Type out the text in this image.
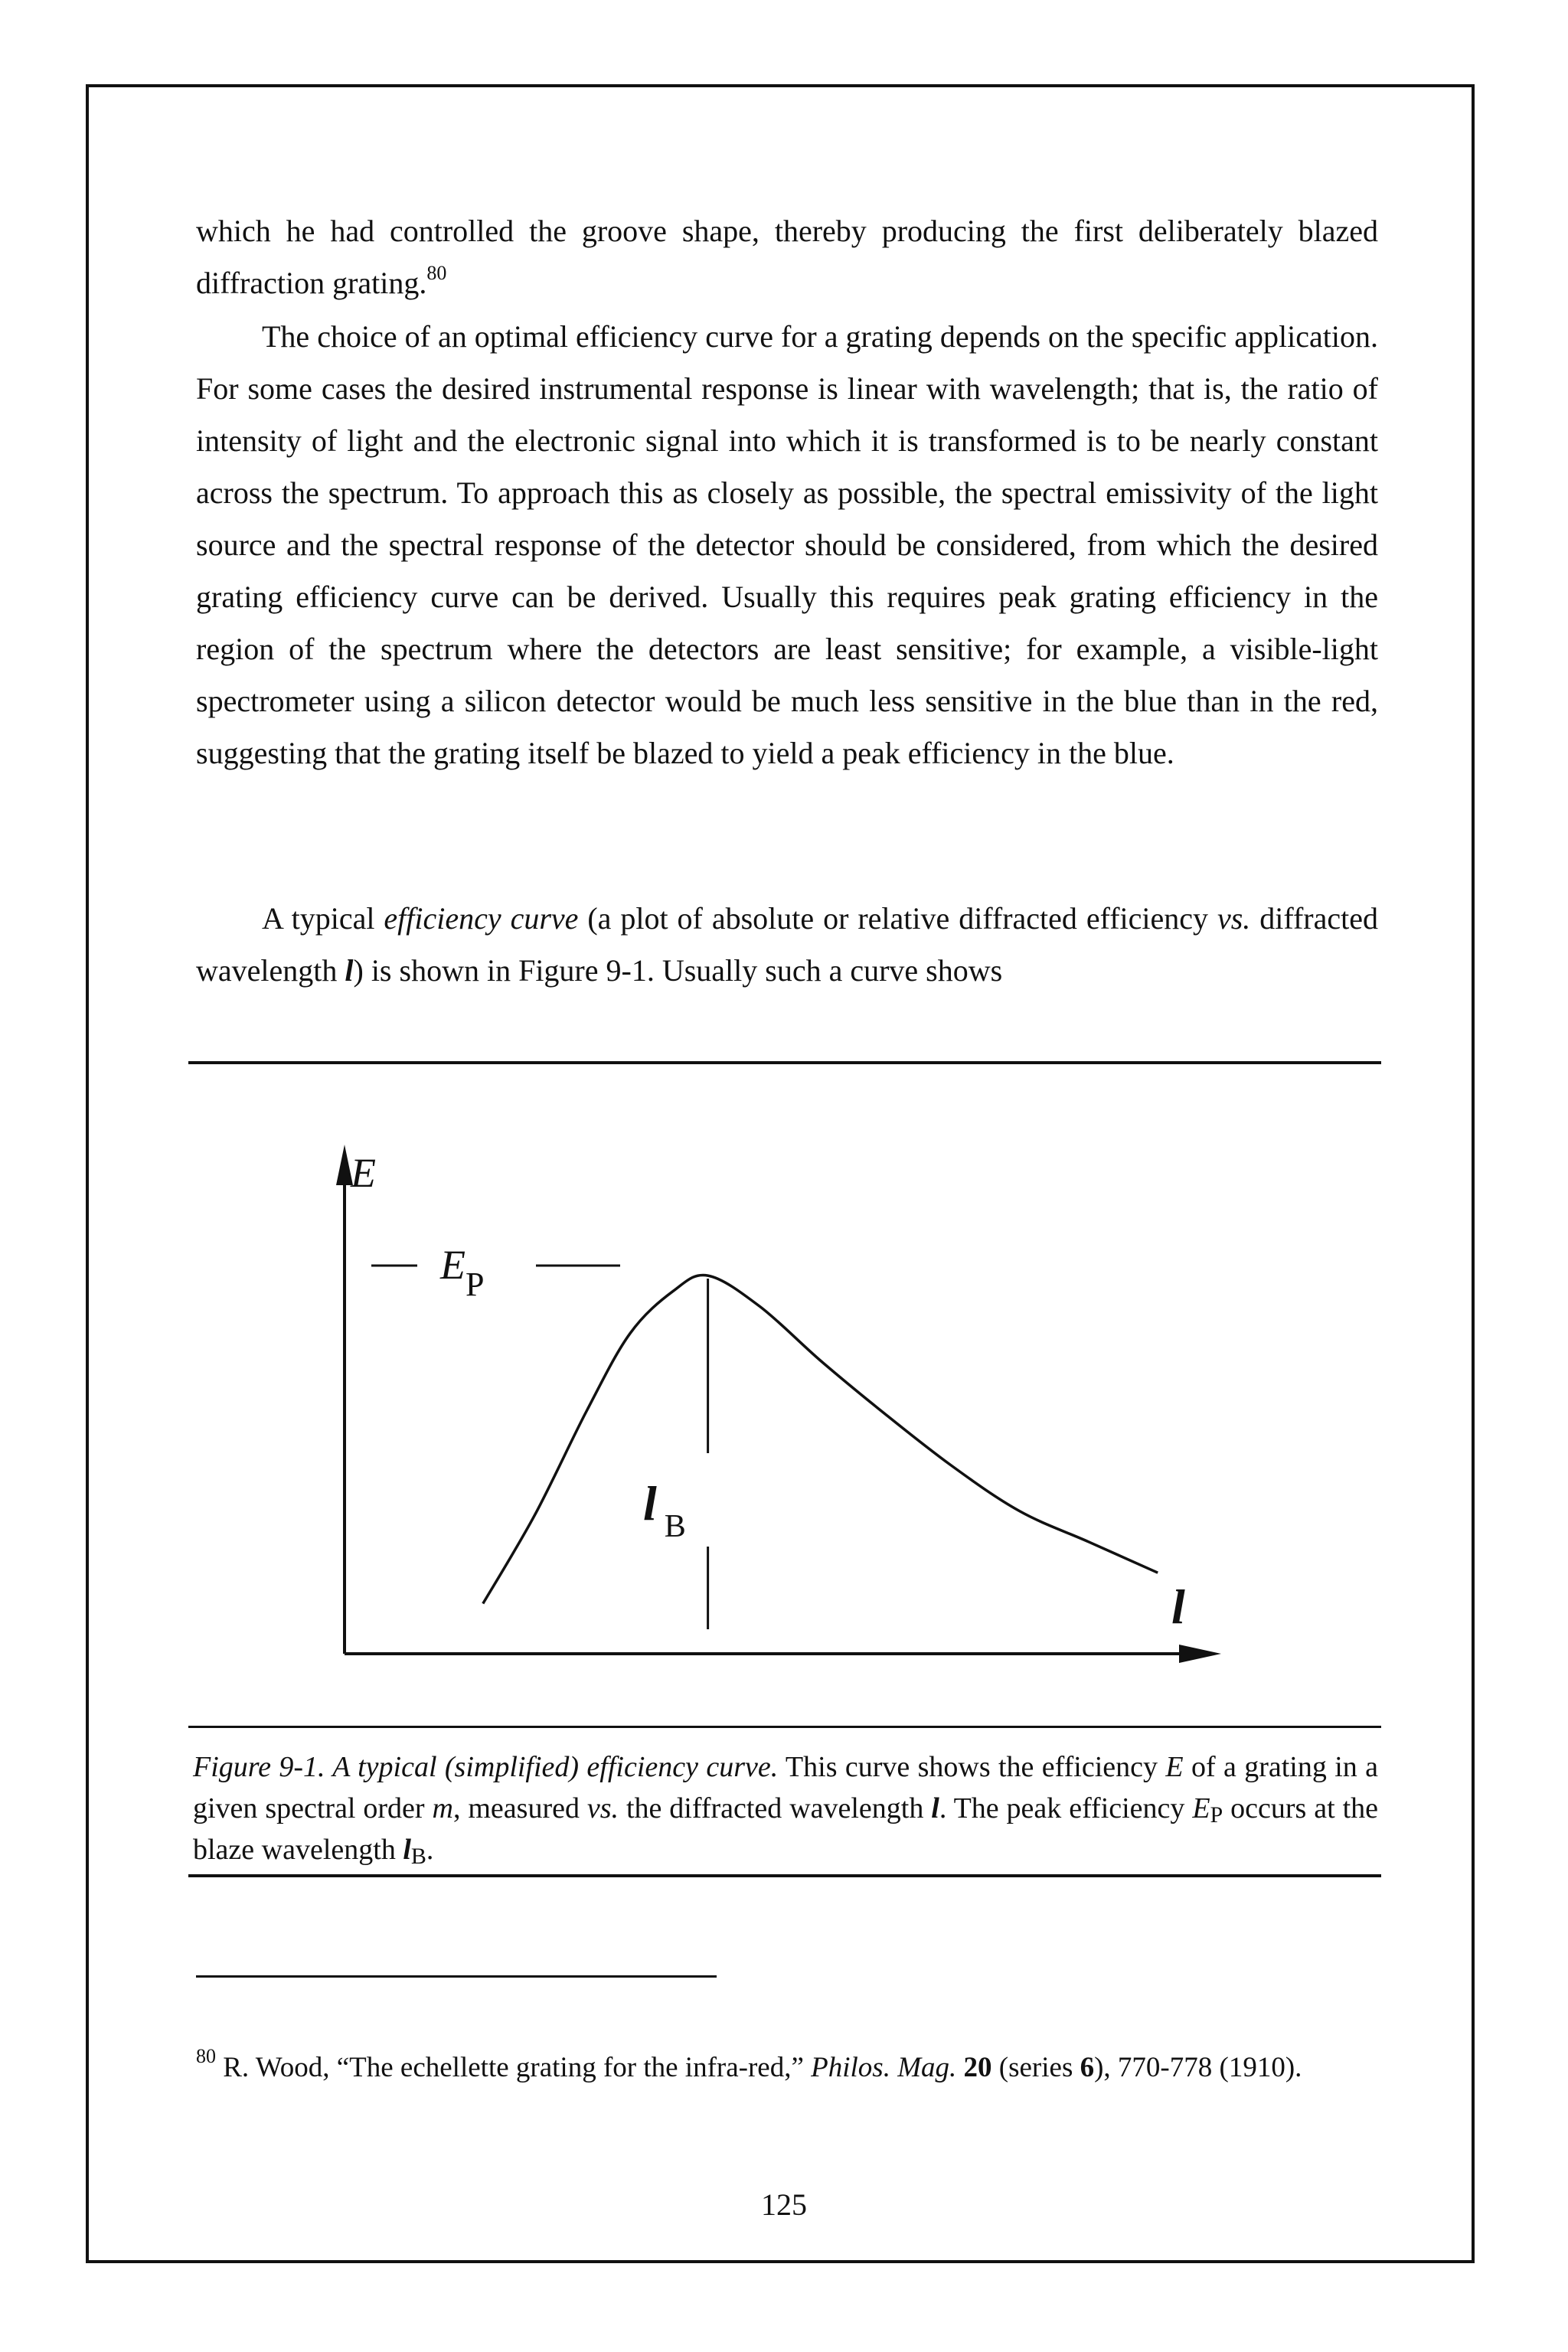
which he had controlled the groove shape, thereby producing the first deliberately blazed diffraction grating.$^{80}$

The choice of an optimal efficiency curve for a grating depends on the specific application. For some cases the desired instrumental response is linear with wavelength; that is, the ratio of intensity of light and the electronic signal into which it is transformed is to be nearly constant across the spectrum. To approach this as closely as possible, the spectral emissivity of the light source and the spectral response of the detector should be considered, from which the desired grating efficiency curve can be derived. Usually this requires peak grating efficiency in the region of the spectrum where the detectors are least sensitive; for example, a visible-light spectrometer using a silicon detector would be much less sensitive in the blue than in the red, suggesting that the grating itself be blazed to yield a peak efficiency in the blue.

A typical efficiency curve (a plot of absolute or relative diffracted efficiency vs. diffracted wavelength l) is shown in Figure 9-1. Usually such a curve shows

E
l
$E_P$
l $_B$

Figure 9-1. A typical (simplified) efficiency curve. This curve shows the efficiency E of a grating in a given spectral order m, measured vs. the diffracted wavelength l. The peak efficiency $E_P$ occurs at the blaze wavelength $l_B$.

$^{80}$ R. Wood, “The echellette grating for the infra-red,” Philos. Mag. 20 (series 6), 770-778 (1910).

125
